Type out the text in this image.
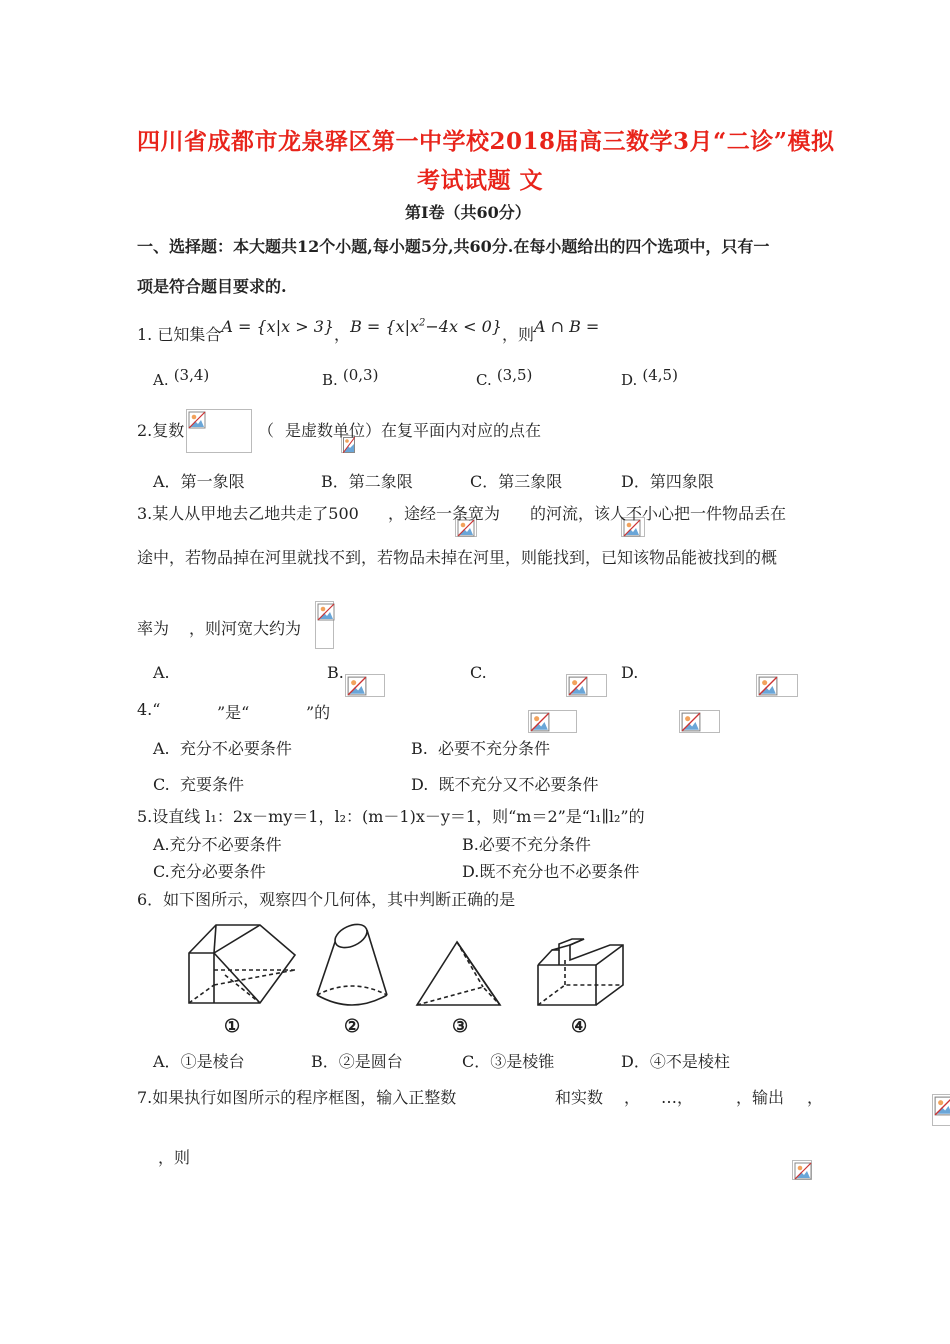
四川省成都市龙泉驿区第一中学校2018届高三数学3月“二诊”模拟
考试试题 文
第Ⅰ卷（共60分）
一、选择题：本大题共12个小题,每小题5分,共60分.在每小题给出的四个选项中，只有一
项是符合题目要求的.
1. 已知集合A = {x|x > 3}，$B = \{x|x^2-4x < 0\}$，则A ∩ B =
A. (3,4)	B. (0,3)	C. (3,5)	D. (4,5)
2.复数
	（
是虚数单位）在复平面内对应的点在
A．第一象限	B．第二象限	C．第三象限	D．第四象限
3.某人从甲地去乙地共走了500
，途经一条宽为
的河流，该人不小心把一件物品丢在
途中，若物品掉在河里就找不到，若物品未掉在河里，则能找到，已知该物品能被找到的概
率为
，则河宽大约为
A.
	B.
	C.
	D.

4.“
	”是“
	”的
A. 充分不必要条件	B. 必要不充分条件
C. 充要条件	D. 既不充分又不必要条件
5.设直线 l₁：2x－my＝1，l₂：(m－1)x－y＝1，则“m＝2”是“l₁∥l₂”的
A.充分不必要条件	B.必要不充分条件
C.充分必要条件	D.既不充分也不必要条件
6．如下图所示，观察四个几何体，其中判断正确的是
①	②	③	④
A．①是棱台	B．②是圆台	C．③是棱锥	D．④不是棱柱
7.如果执行如图所示的程序框图，输入正整数
	和实数
，
…，
	，输出
，
，则
